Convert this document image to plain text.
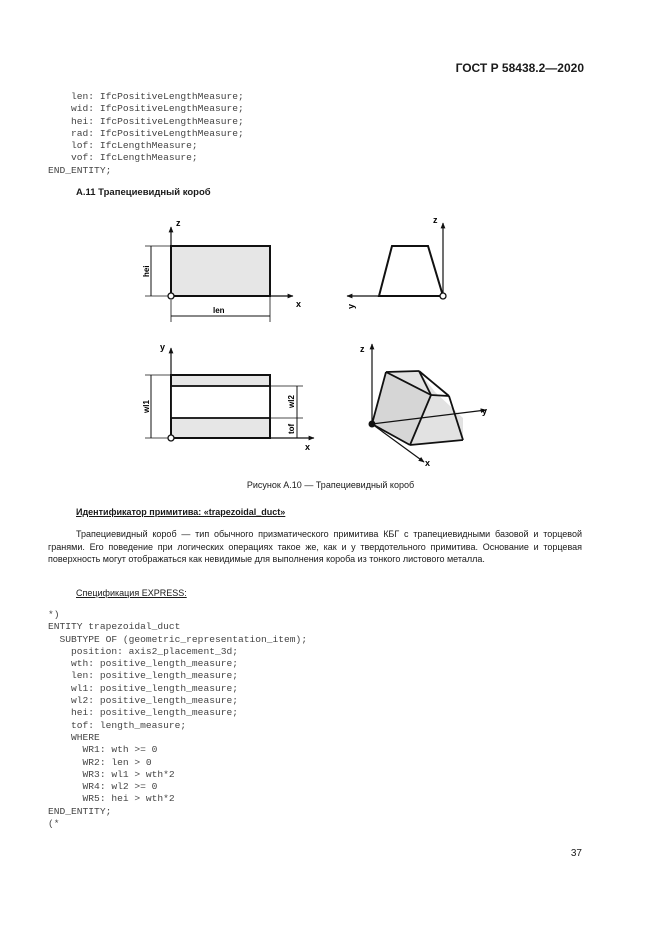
ГОСТ Р 58438.2—2020
len: IfcPositiveLengthMeasure;
wid: IfcPositiveLengthMeasure;
hei: IfcPositiveLengthMeasure;
rad: IfcPositiveLengthMeasure;
lof: IfcLengthMeasure;
vof: IfcLengthMeasure;
END_ENTITY;
A.11 Трапециевидный короб
z
x
hei
len
z
y
y
x
wl1	wl2
tof
z
y
x
Рисунок А.10 — Трапециевидный короб
Идентификатор примитива: «trapezoidal_duct»
Трапециевидный короб — тип обычного призматического примитива КБГ с трапециевидными базовой и торцевой гранями. Его поведение при логических операциях такое же, как и у твердотельного примитива. Основание и торцевая поверхность могут отображаться как невидимые для выполнения короба из тонкого листового металла.
Спецификация EXPRESS:
*)
ENTITY trapezoidal_duct
SUBTYPE OF (geometric_representation_item);
position: axis2_placement_3d;
wth: positive_length_measure;
len: positive_length_measure;
wl1: positive_length_measure;
wl2: positive_length_measure;
hei: positive_length_measure;
tof: length_measure;
WHERE
WR1: wth >= 0
WR2: len > 0
WR3: wl1 > wth*2
WR4: wl2 >= 0
WR5: hei > wth*2
END_ENTITY;
(*
37
